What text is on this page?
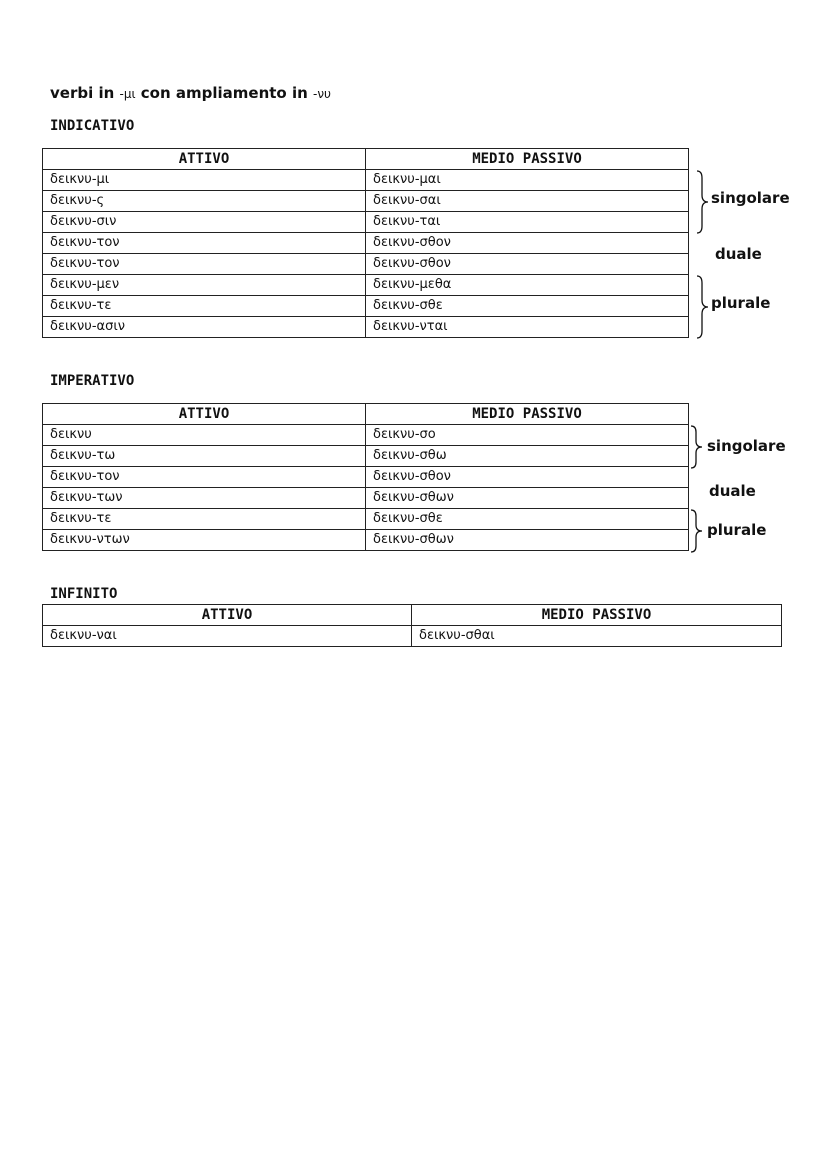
verbi in -μι con ampliamento in -νυ
INDICATIVO
ATTIVO	MEDIO PASSIVO
δεικνυ-μι	δεικνυ-μαι
δεικνυ-ς	δεικνυ-σαι
δεικνυ-σιν	δεικνυ-ται
δεικνυ-τον	δεικνυ-σθον
δεικνυ-τον	δεικνυ-σθον
δεικνυ-μεν	δεικνυ-μεθα
δεικνυ-τε	δεικνυ-σθε
δεικνυ-ασιν	δεικνυ-νται
singolare
duale
plurale
IMPERATIVO
ATTIVO	MEDIO PASSIVO
δεικνυ	δεικνυ-σο
δεικνυ-τω	δεικνυ-σθω
δεικνυ-τον	δεικνυ-σθον
δεικνυ-των	δεικνυ-σθων
δεικνυ-τε	δεικνυ-σθε
δεικνυ-ντων	δεικνυ-σθων
singolare
duale
plurale
INFINITO
ATTIVO	MEDIO PASSIVO
δεικνυ-ναι	δεικνυ-σθαι
